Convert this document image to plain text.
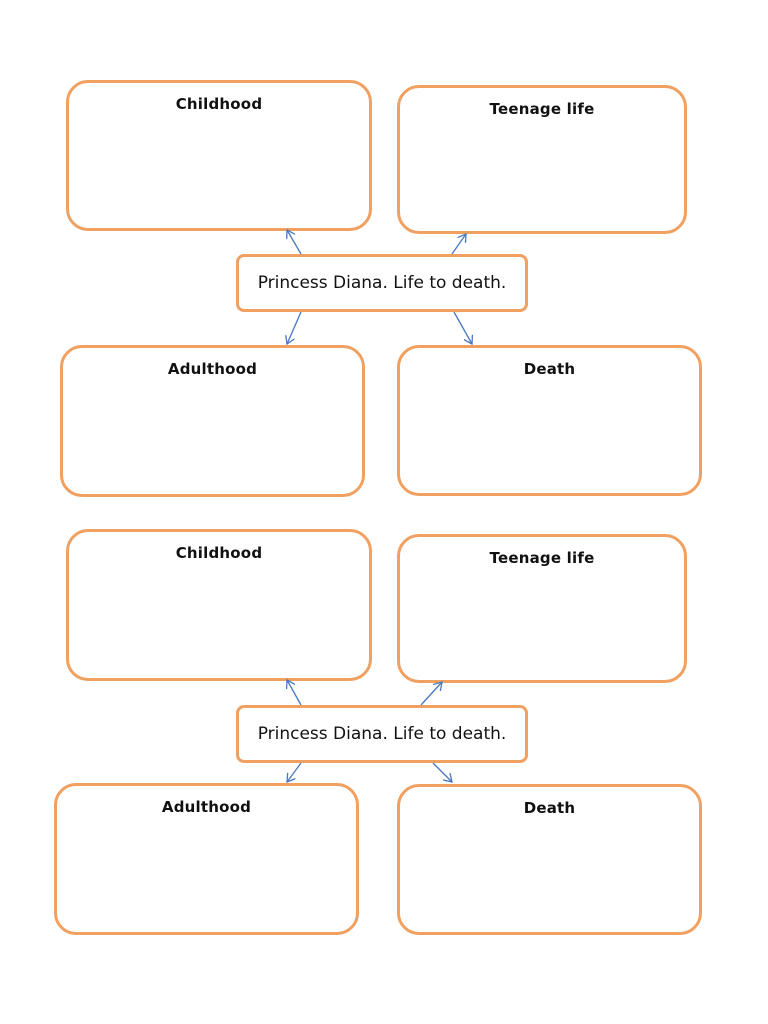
Childhood	Teenage life
Princess Diana. Life to death.
Adulthood	Death
Childhood	Teenage life
Princess Diana. Life to death.
Adulthood	Death
